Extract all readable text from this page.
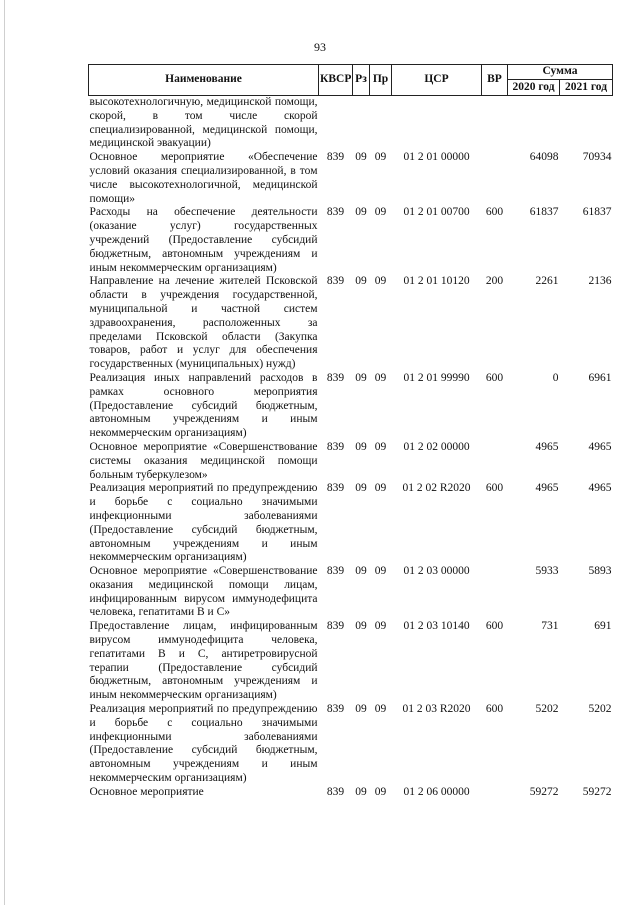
93
Наименование	КВСР	Рз	Пр	ЦСР	ВР	Сумма	
						2020 год	2021 год
высокотехнологичную, медицинской помощи, скорой, в том числе скорой специализированной, медицинской помощи, медицинской эвакуации)							
Основное мероприятие «Обеспечение условий оказания специализированной, в том числе высокотехнологичной, медицинской помощи»	839	09	09	01 2 01 00000		64098	70934
Расходы на обеспечение деятельности (оказание услуг) государственных учреждений (Предоставление субсидий бюджетным, автономным учреждениям и иным некоммерческим организациям)	839	09	09	01 2 01 00700	600	61837	61837
Направление на лечение жителей Псковской области в учреждения государственной, муниципальной и частной систем здравоохранения, расположенных за пределами Псковской области (Закупка товаров, работ и услуг для обеспечения государственных (муниципальных) нужд)	839	09	09	01 2 01 10120	200	2261	2136
Реализация иных направлений расходов в рамках основного мероприятия (Предоставление субсидий бюджетным, автономным учреждениям и иным некоммерческим организациям)	839	09	09	01 2 01 99990	600	0	6961
Основное мероприятие «Совершенствование системы оказания медицинской помощи больным туберкулезом»	839	09	09	01 2 02 00000		4965	4965
Реализация мероприятий по предупреждению и борьбе с социально значимыми инфекционными заболеваниями (Предоставление субсидий бюджетным, автономным учреждениям и иным некоммерческим организациям)	839	09	09	01 2 02 R2020	600	4965	4965
Основное мероприятие «Совершенствование оказания медицинской помощи лицам, инфицированным вирусом иммунодефицита человека, гепатитами В и С»	839	09	09	01 2 03 00000		5933	5893
Предоставление лицам, инфицированным вирусом иммунодефицита человека, гепатитами В и С, антиретровирусной терапии (Предоставление субсидий бюджетным, автономным учреждениям и иным некоммерческим организациям)	839	09	09	01 2 03 10140	600	731	691
Реализация мероприятий по предупреждению и борьбе с социально значимыми инфекционными заболеваниями (Предоставление субсидий бюджетным, автономным учреждениям и иным некоммерческим организациям)	839	09	09	01 2 03 R2020	600	5202	5202
Основное мероприятие	839	09	09	01 2 06 00000		59272	59272
